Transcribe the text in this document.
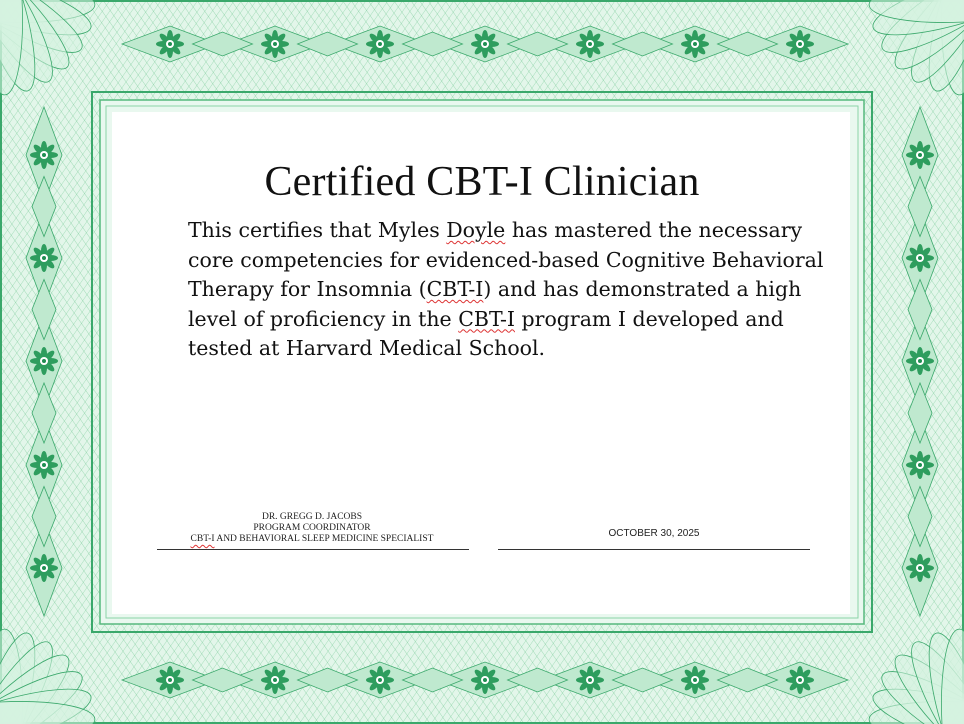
Certified CBT-I Clinician
This certifies that Myles Doyle has mastered the necessary core competencies for evidenced-based Cognitive Behavioral Therapy for Insomnia (CBT-I) and has demonstrated a high level of proficiency in the CBT-I program I developed and tested at Harvard Medical School.
DR. GREGG D. JACOBS
PROGRAM COORDINATOR
CBT-I AND BEHAVIORAL SLEEP MEDICINE SPECIALIST	OCTOBER 30, 2025
